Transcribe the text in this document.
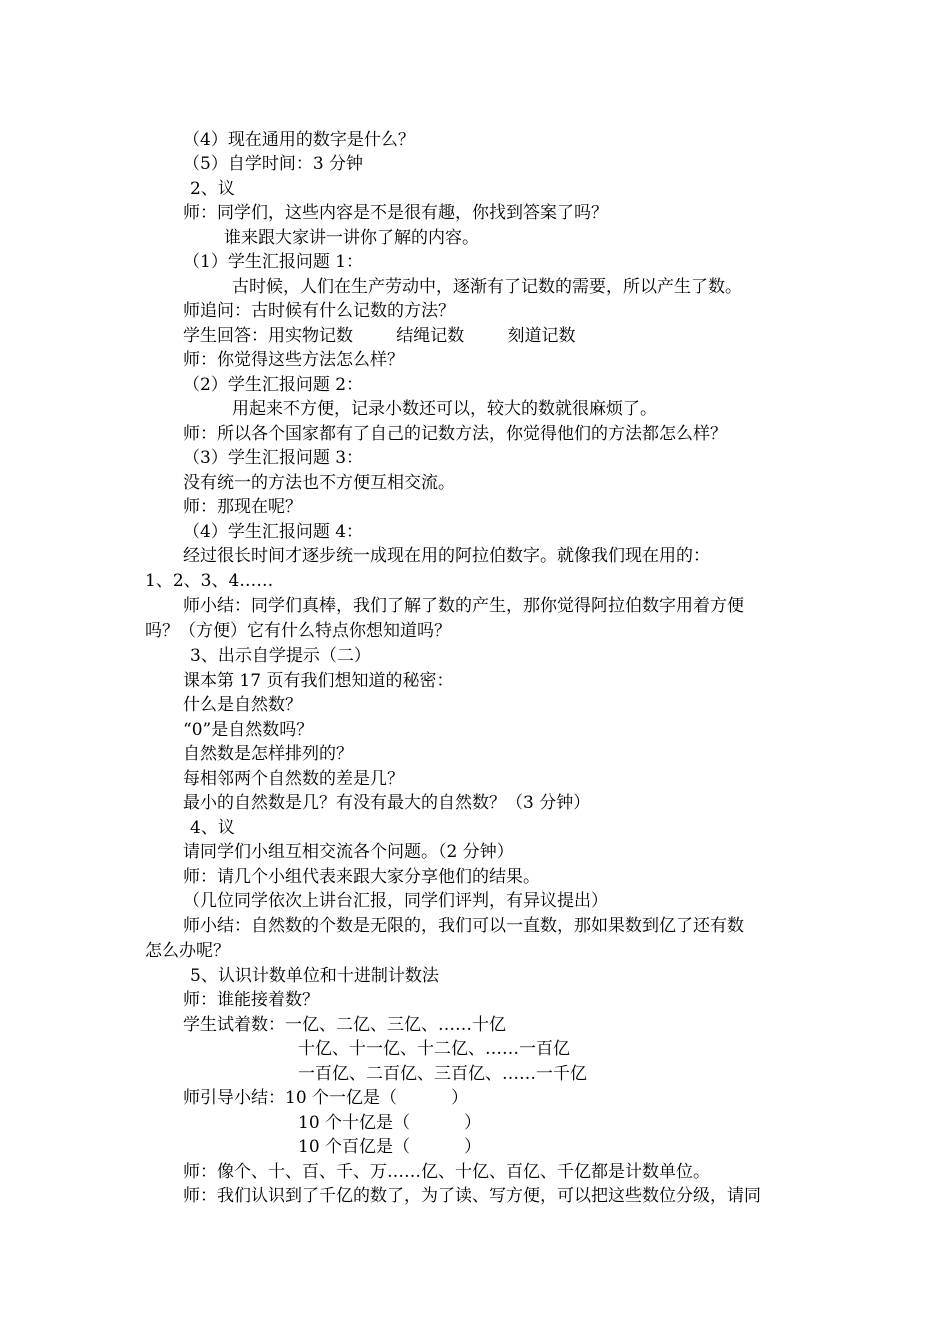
（4）现在通用的数字是什么？
（5）自学时间：3 分钟
2、议
师：同学们，这些内容是不是很有趣，你找到答案了吗？
谁来跟大家讲一讲你了解的内容。
（1）学生汇报问题 1：
古时候，人们在生产劳动中，逐渐有了记数的需要，所以产生了数。
师追问：古时候有什么记数的方法？
学生回答：用实物记数        结绳记数        刻道记数
师：你觉得这些方法怎么样？
（2）学生汇报问题 2：
用起来不方便，记录小数还可以，较大的数就很麻烦了。
师：所以各个国家都有了自己的记数方法，你觉得他们的方法都怎么样？
（3）学生汇报问题 3：
没有统一的方法也不方便互相交流。
师：那现在呢？
（4）学生汇报问题 4：
经过很长时间才逐步统一成现在用的阿拉伯数字。就像我们现在用的：
1、2、3、4……
师小结：同学们真棒，我们了解了数的产生，那你觉得阿拉伯数字用着方便
吗？（方便）它有什么特点你想知道吗？
3、出示自学提示（二）
课本第 17 页有我们想知道的秘密：
什么是自然数？
“0”是自然数吗？
自然数是怎样排列的？
每相邻两个自然数的差是几？
最小的自然数是几？有没有最大的自然数？（3 分钟）
4、议
请同学们小组互相交流各个问题。（2 分钟）
师：请几个小组代表来跟大家分享他们的结果。
（几位同学依次上讲台汇报，同学们评判，有异议提出）
师小结：自然数的个数是无限的，我们可以一直数，那如果数到亿了还有数
怎么办呢？
5、认识计数单位和十进制计数法
师：谁能接着数？
学生试着数：一亿、二亿、三亿、……十亿
十亿、十一亿、十二亿、……一百亿
一百亿、二百亿、三百亿、……一千亿
师引导小结：10 个一亿是（          ）
10 个十亿是（          ）
10 个百亿是（          ）
师：像个、十、百、千、万……亿、十亿、百亿、千亿都是计数单位。
师：我们认识到了千亿的数了，为了读、写方便，可以把这些数位分级，请同
